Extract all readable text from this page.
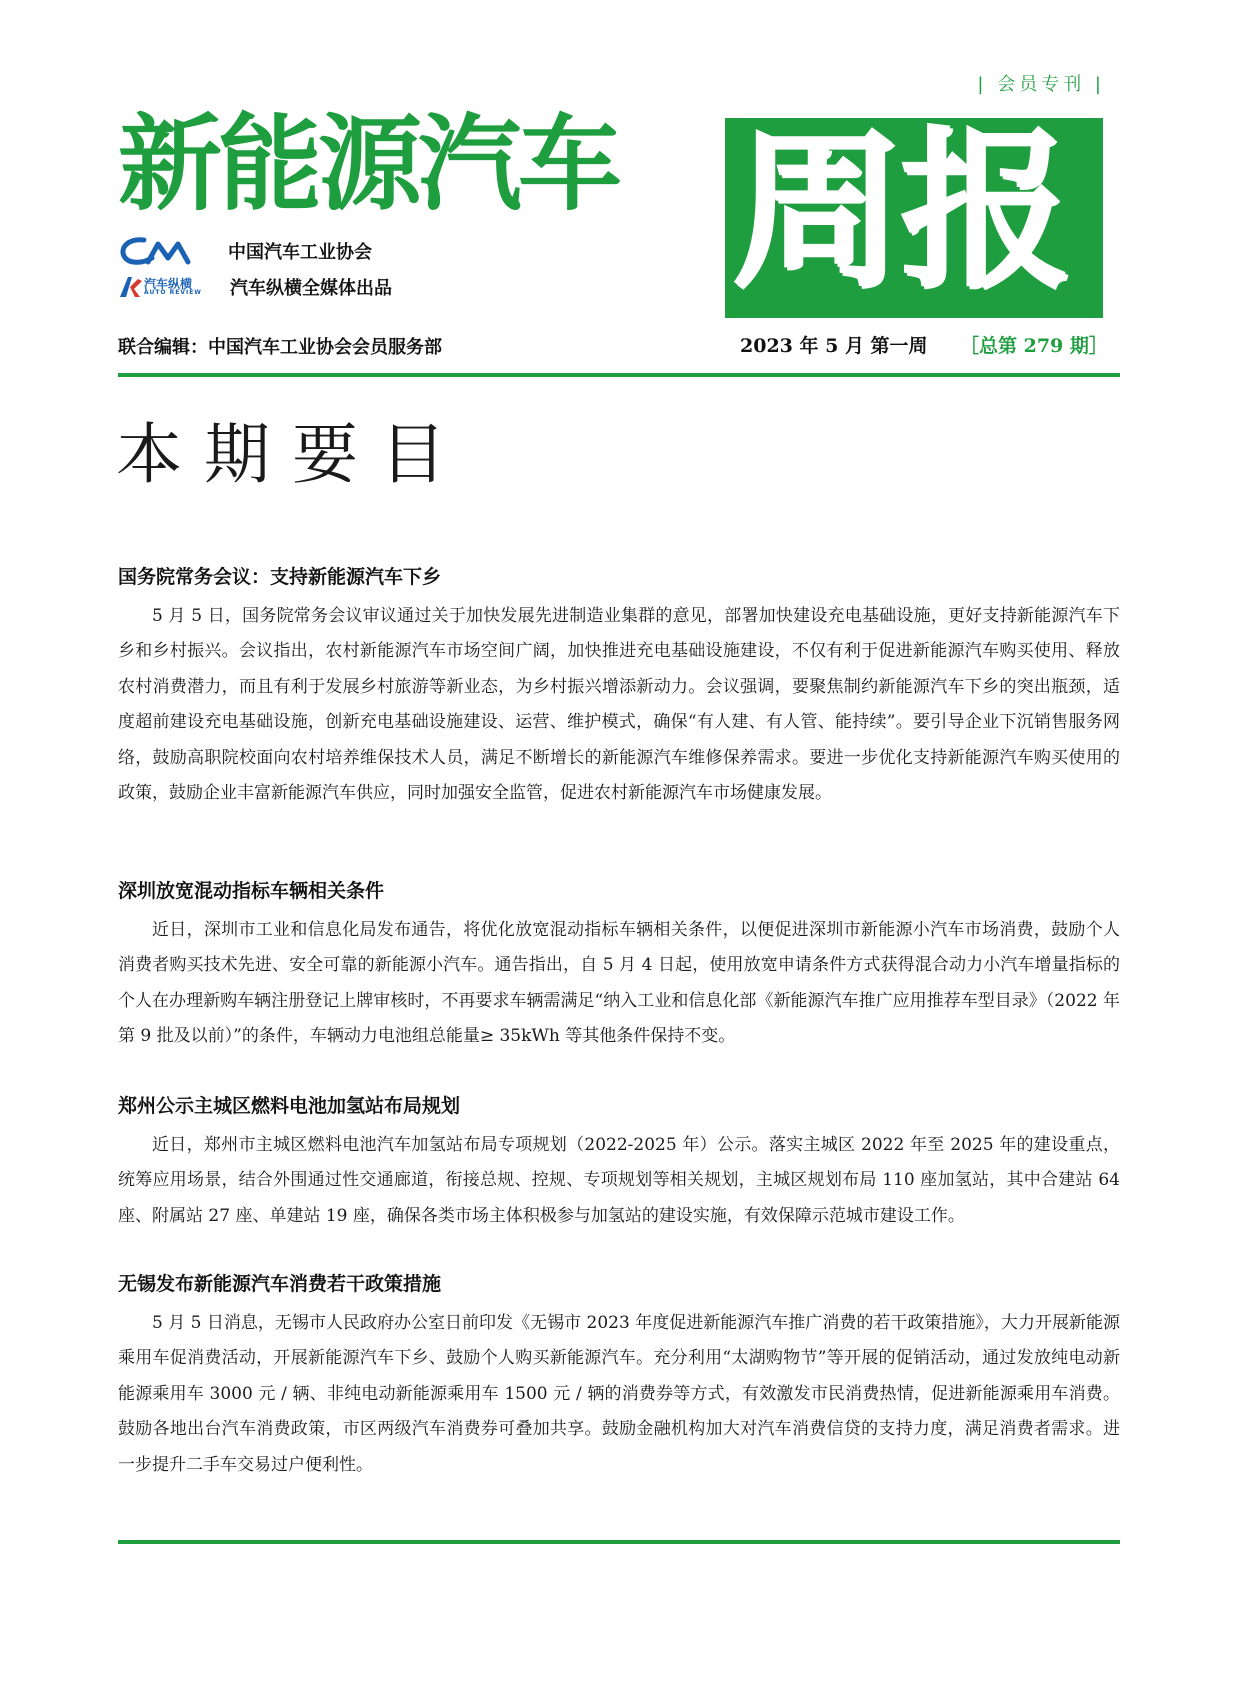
| 会员专刊 |
新能源汽车 周报
中国汽车工业协会
汽车纵横
AUTO REVIEW 汽车纵横全媒体出品
联合编辑：中国汽车工业协会会员服务部	2023 年 5 月 第一周 ［总第 279 期］
本期要目
国务院常务会议：支持新能源汽车下乡

5 月 5 日，国务院常务会议审议通过关于加快发展先进制造业集群的意见，部署加快建设充电基础设施，更好支持新能源汽车下乡和乡村振兴。会议指出，农村新能源汽车市场空间广阔，加快推进充电基础设施建设，不仅有利于促进新能源汽车购买使用、释放农村消费潜力，而且有利于发展乡村旅游等新业态，为乡村振兴增添新动力。会议强调，要聚焦制约新能源汽车下乡的突出瓶颈，适度超前建设充电基础设施，创新充电基础设施建设、运营、维护模式，确保“有人建、有人管、能持续”。要引导企业下沉销售服务网络，鼓励高职院校面向农村培养维保技术人员，满足不断增长的新能源汽车维修保养需求。要进一步优化支持新能源汽车购买使用的政策，鼓励企业丰富新能源汽车供应，同时加强安全监管，促进农村新能源汽车市场健康发展。

深圳放宽混动指标车辆相关条件

近日，深圳市工业和信息化局发布通告，将优化放宽混动指标车辆相关条件，以便促进深圳市新能源小汽车市场消费，鼓励个人消费者购买技术先进、安全可靠的新能源小汽车。通告指出，自 5 月 4 日起，使用放宽申请条件方式获得混合动力小汽车增量指标的个人在办理新购车辆注册登记上牌审核时，不再要求车辆需满足“纳入工业和信息化部《新能源汽车推广应用推荐车型目录》（2022 年第 9 批及以前）”的条件，车辆动力电池组总能量≥ 35kWh 等其他条件保持不变。

郑州公示主城区燃料电池加氢站布局规划

近日，郑州市主城区燃料电池汽车加氢站布局专项规划（2022-2025 年）公示。落实主城区 2022 年至 2025 年的建设重点，统筹应用场景，结合外围通过性交通廊道，衔接总规、控规、专项规划等相关规划，主城区规划布局 110 座加氢站，其中合建站 64 座、附属站 27 座、单建站 19 座，确保各类市场主体积极参与加氢站的建设实施，有效保障示范城市建设工作。

无锡发布新能源汽车消费若干政策措施

5 月 5 日消息，无锡市人民政府办公室日前印发《无锡市 2023 年度促进新能源汽车推广消费的若干政策措施》，大力开展新能源乘用车促消费活动，开展新能源汽车下乡、鼓励个人购买新能源汽车。充分利用“太湖购物节”等开展的促销活动，通过发放纯电动新能源乘用车 3000 元 / 辆、非纯电动新能源乘用车 1500 元 / 辆的消费券等方式，有效激发市民消费热情，促进新能源乘用车消费。鼓励各地出台汽车消费政策，市区两级汽车消费券可叠加共享。鼓励金融机构加大对汽车消费信贷的支持力度，满足消费者需求。进一步提升二手车交易过户便利性。
